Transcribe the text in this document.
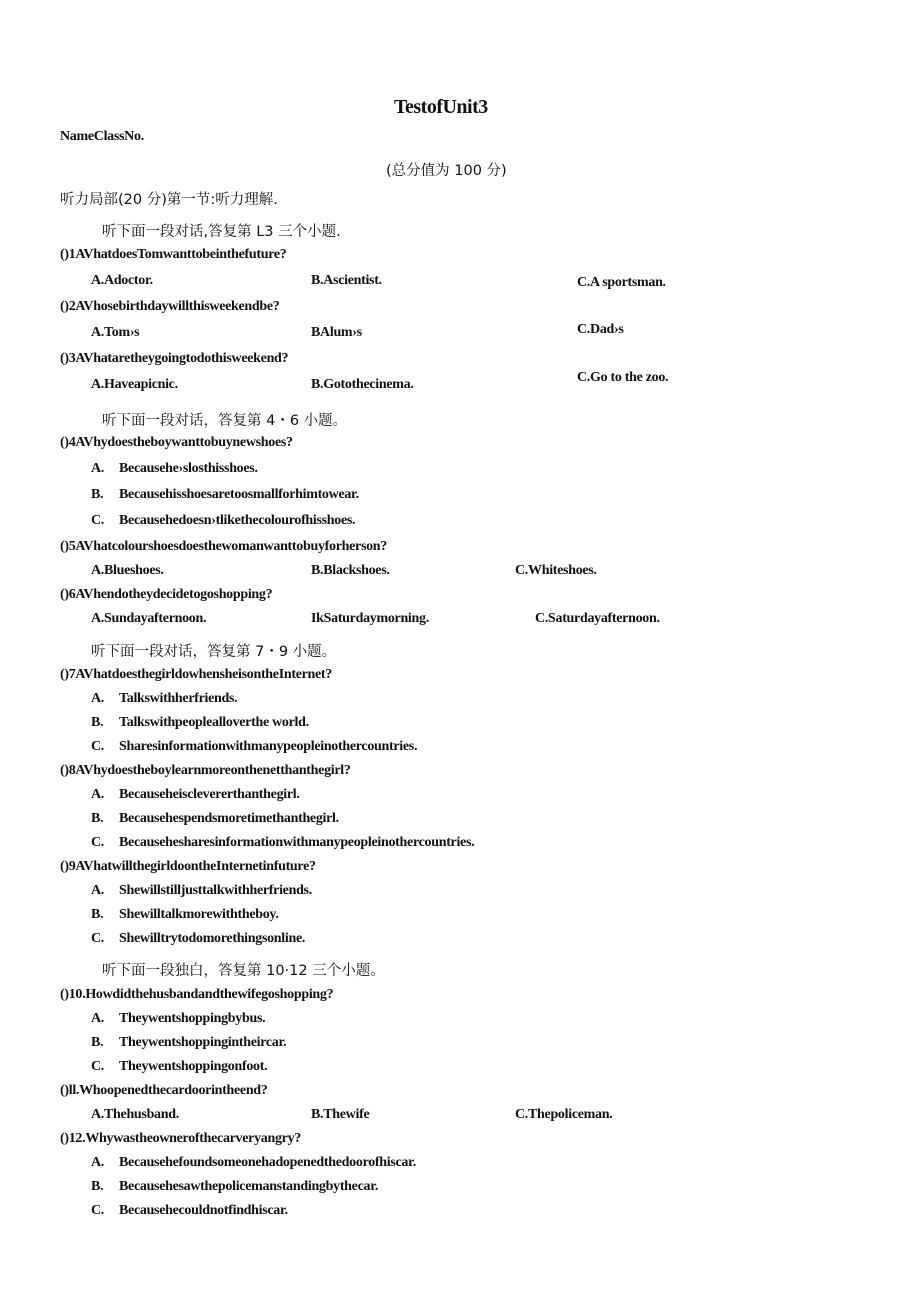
TestofUnit3
NameClassNo.
(总分值为 100 分)
听力局部(20 分)第一节:听力理解.
听下面一段对话,答复第 L3 三个小题.
()1AVhatdoesTomwanttobeinthefuture?
A.Adoctor.	B.Ascientist.	C.A sportsman.
()2AVhosebirthdaywillthisweekendbe?
A.Tom›s	BAlum›s	C.Dad›s
()3AVhataretheygoingtodothisweekend?
A.Haveapicnic.	B.Gotothecinema.	C.Go to the zoo.
听下面一段对话，答复第 4・6 小题。
()4AVhydoestheboywanttobuynewshoes?
A. Becausehe›slosthisshoes.
B. Becausehisshoesaretoosmallforhimtowear.
C. Becausehedoesn›tlikethecolourofhisshoes.
()5AVhatcolourshoesdoesthewomanwanttobuyforherson?
A.Blueshoes.	B.Blackshoes.	C.Whiteshoes.
()6AVhendotheydecidetogoshopping?
A.Sundayafternoon.	IkSaturdaymorning.	C.Saturdayafternoon.
听下面一段对话，答复第 7・9 小题。
()7AVhatdoesthegirldowhensheisontheInternet?
A. Talkswithherfriends.
B. Talkswithpeoplealloverthe world.
C. Sharesinformationwithmanypeopleinothercountries.
()8AVhydoestheboylearnmoreonthenetthanthegirl?
A. Becauseheisclevererthanthegirl.
B. Becausehespendsmoretimethanthegirl.
C. Becausehesharesinformationwithmanypeopleinothercountries.
()9AVhatwillthegirldoontheInternetinfuture?
A. Shewillstilljusttalkwithherfriends.
B. Shewilltalkmorewiththeboy.
C. Shewilltrytodomorethingsonline.
听下面一段独白，答复第 10·12 三个小题。
()10.Howdidthehusbandandthewifegoshopping?
A. Theywentshoppingbybus.
B. Theywentshoppingintheircar.
C. Theywentshoppingonfoot.
()ll.Whoopenedthecardoorintheend?
A.Thehusband.	B.Thewife	C.Thepoliceman.
()12.Whywastheownerofthecarveryangry?
A. Becausehefoundsomeonehadopenedthedoorofhiscar.
B. Becausehesawthepolicemanstandingbythecar.
C. Becausehecouldnotfindhiscar.
